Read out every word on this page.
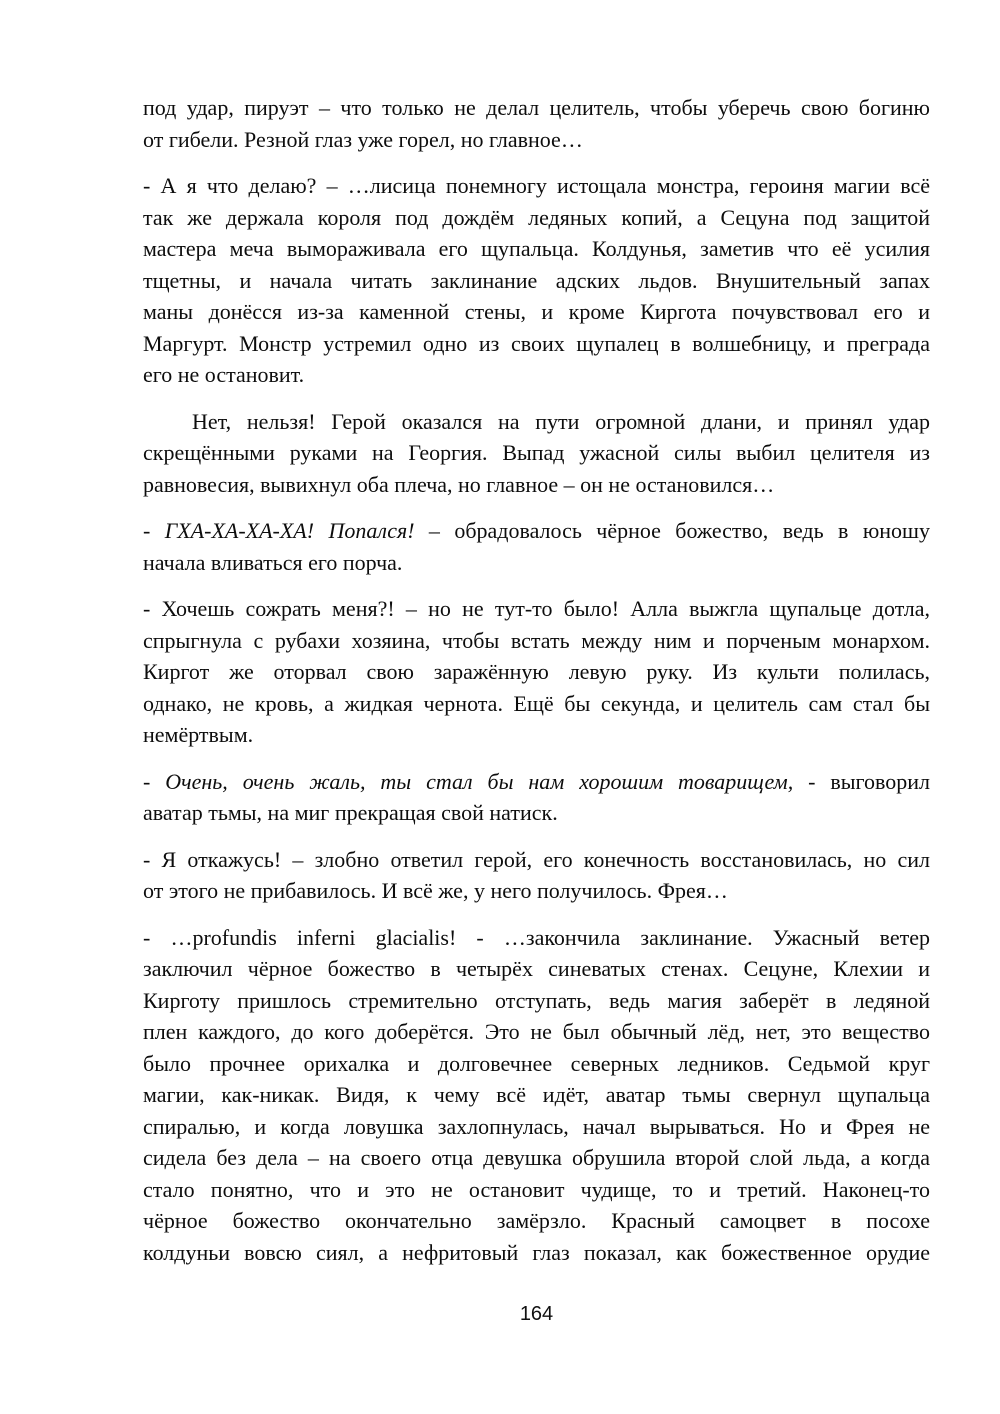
под удар, пируэт – что только не делал целитель, чтобы уберечь свою богиню
от гибели. Резной глаз уже горел, но главное…
- А я что делаю? – …лисица понемногу истощала монстра, героиня магии всё
так же держала короля под дождём ледяных копий, а Сецуна под защитой
мастера меча вымораживала его щупальца. Колдунья, заметив что её усилия
тщетны, и начала читать заклинание адских льдов. Внушительный запах
маны донёсся из-за каменной стены, и кроме Киргота почувствовал его и
Маргурт. Монстр устремил одно из своих щупалец в волшебницу, и преграда
его не остановит.
Нет, нельзя! Герой оказался на пути огромной длани, и принял удар
скрещёнными руками на Георгия. Выпад ужасной силы выбил целителя из
равновесия, вывихнул оба плеча, но главное – он не остановился…
- ГХА-ХА-ХА-ХА! Попался! – обрадовалось чёрное божество, ведь в юношу
начала вливаться его порча.
- Хочешь сожрать меня?! – но не тут-то было! Алла выжгла щупальце дотла,
спрыгнула с рубахи хозяина, чтобы встать между ним и порченым монархом.
Киргот же оторвал свою заражённую левую руку. Из культи полилась,
однако, не кровь, а жидкая чернота. Ещё бы секунда, и целитель сам стал бы
немёртвым.
- Очень, очень жаль, ты стал бы нам хорошим товарищем, - выговорил
аватар тьмы, на миг прекращая свой натиск.
- Я откажусь! – злобно ответил герой, его конечность восстановилась, но сил
от этого не прибавилось. И всё же, у него получилось. Фрея…
- …profundis inferni glacialis! - …закончила заклинание. Ужасный ветер
заключил чёрное божество в четырёх синеватых стенах. Сецуне, Клехии и
Кирготу пришлось стремительно отступать, ведь магия заберёт в ледяной
плен каждого, до кого доберётся. Это не был обычный лёд, нет, это вещество
было прочнее орихалка и долговечнее северных ледников. Седьмой круг
магии, как-никак. Видя, к чему всё идёт, аватар тьмы свернул щупальца
спиралью, и когда ловушка захлопнулась, начал вырываться. Но и Фрея не
сидела без дела – на своего отца девушка обрушила второй слой льда, а когда
стало понятно, что и это не остановит чудище, то и третий. Наконец-то
чёрное божество окончательно замёрзло. Красный самоцвет в посохе
колдуньи вовсю сиял, а нефритовый глаз показал, как божественное орудие
164
